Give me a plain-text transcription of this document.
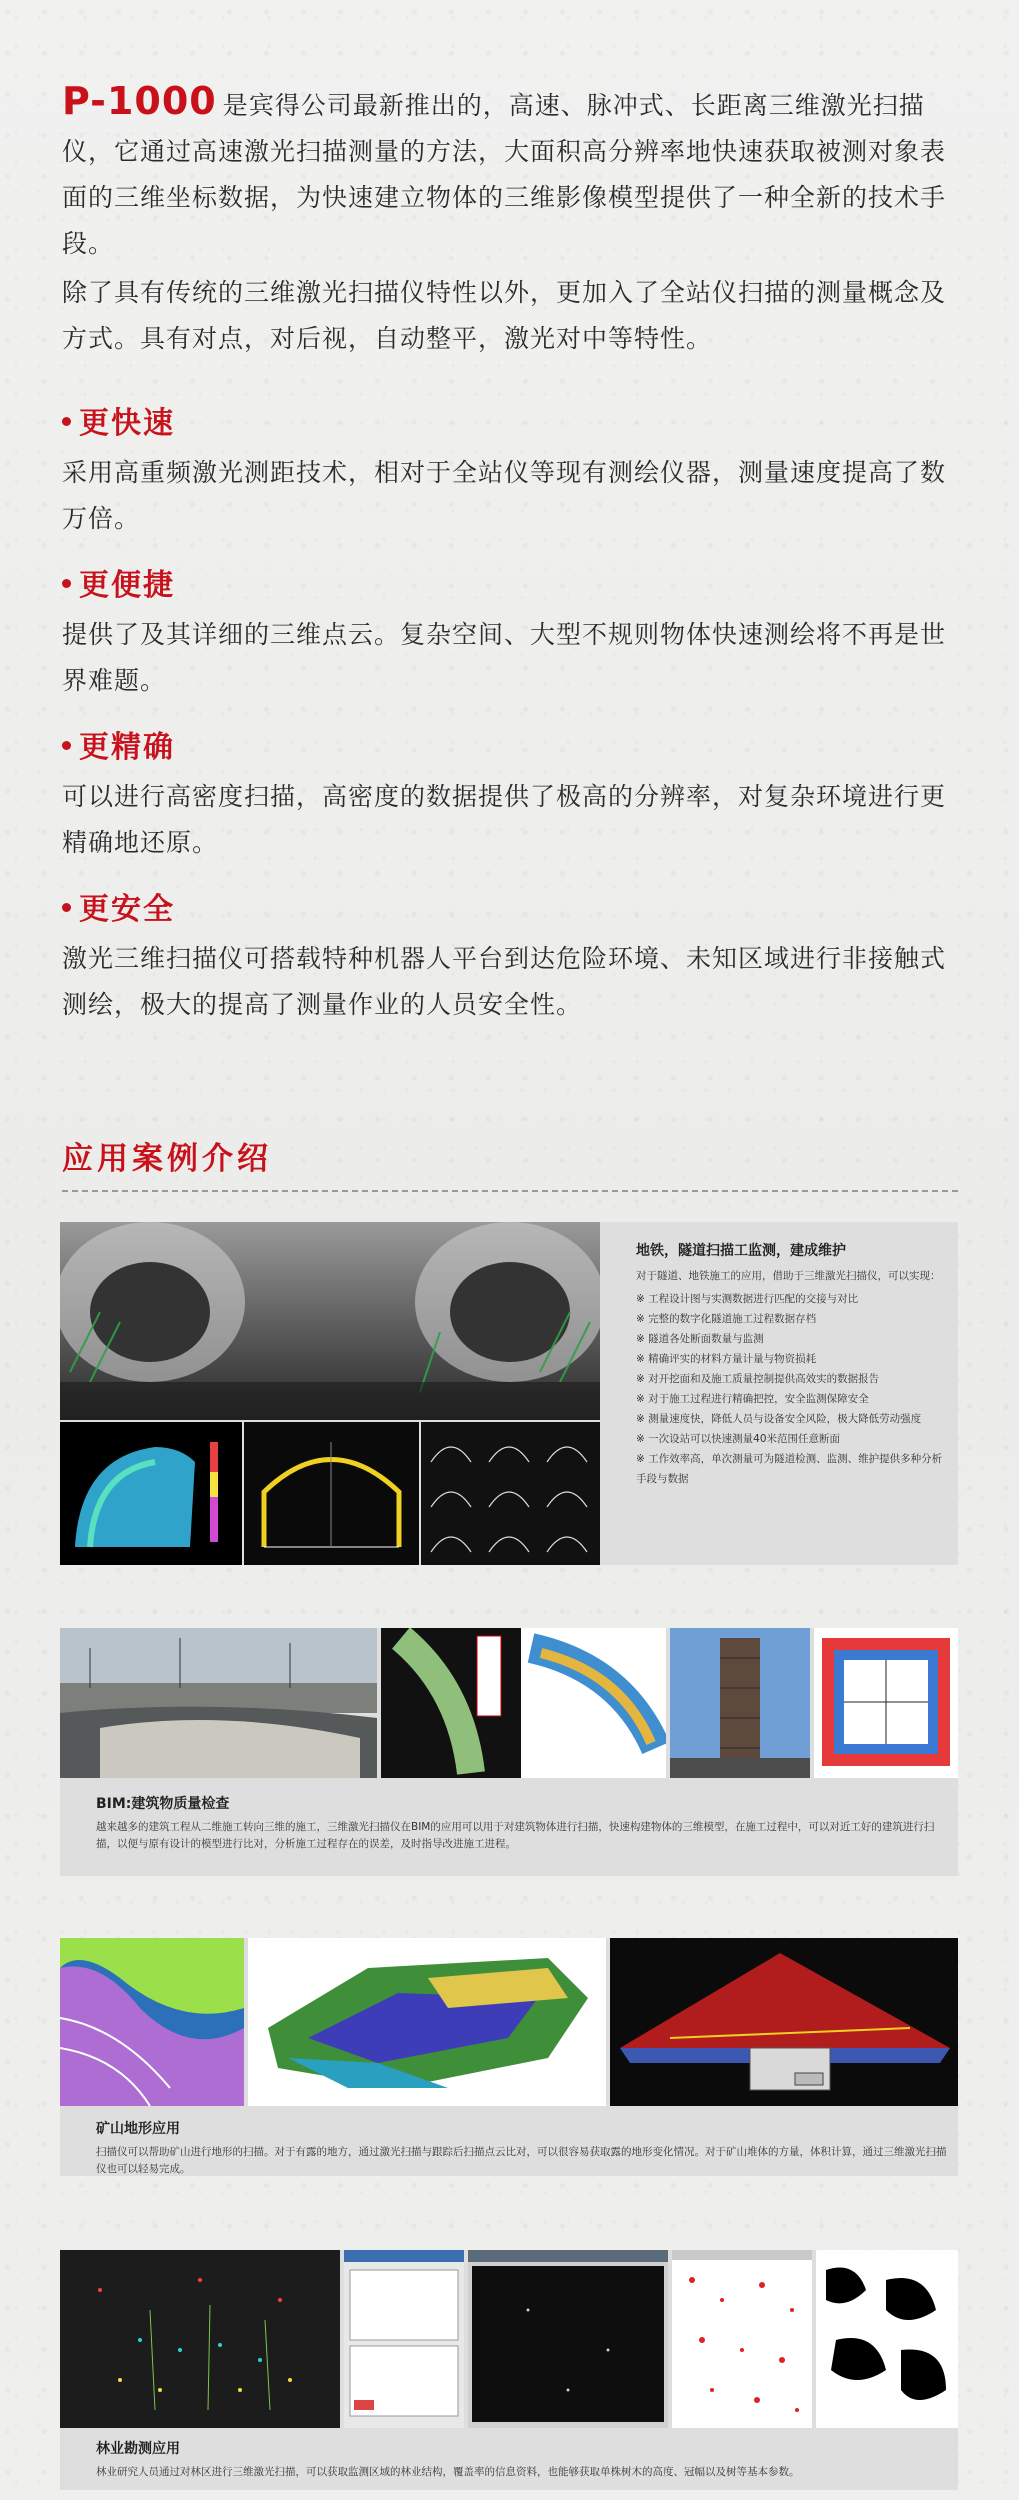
P-1000 是宾得公司最新推出的，高速、脉冲式、长距离三维激光扫描仪，它通过高速激光扫描测量的方法，大面积高分辨率地快速获取被测对象表面的三维坐标数据，为快速建立物体的三维影像模型提供了一种全新的技术手段。
除了具有传统的三维激光扫描仪特性以外，更加入了全站仪扫描的测量概念及方式。具有对点，对后视，自动整平，激光对中等特性。
更快速
采用高重频激光测距技术，相对于全站仪等现有测绘仪器，测量速度提高了数万倍。
更便捷
提供了及其详细的三维点云。复杂空间、大型不规则物体快速测绘将不再是世界难题。
更精确
可以进行高密度扫描，高密度的数据提供了极高的分辨率，对复杂环境进行更精确地还原。
更安全
激光三维扫描仪可搭载特种机器人平台到达危险环境、未知区域进行非接触式测绘，极大的提高了测量作业的人员安全性。
应用案例介绍
地铁，隧道扫描工监测，建成维护
对于隧道、地铁施工的应用，借助于三维激光扫描仪，可以实现：
※ 工程设计图与实测数据进行匹配的交接与对比
※ 完整的数字化隧道施工过程数据存档
※ 隧道各处断面数量与监测
※ 精确评实的材料方量计量与物资损耗
※ 对开挖面和及施工质量控制提供高效实的数据报告
※ 对于施工过程进行精确把控，安全监测保障安全
※ 测量速度快，降低人员与设备安全风险，极大降低劳动强度
※ 一次设站可以快速测量40米范围任意断面
※ 工作效率高，单次测量可为隧道检测、监测、维护提供多种分析手段与数据
BIM:建筑物质量检查
越来越多的建筑工程从二维施工转向三维的施工，三维激光扫描仪在BIM的应用可以用于对建筑物体进行扫描，快速构建物体的三维模型，在施工过程中，可以对近工好的建筑进行扫描，以便与原有设计的模型进行比对，分析施工过程存在的误差，及时指导改进施工进程。
矿山地形应用
扫描仪可以帮助矿山进行地形的扫描。对于有露的地方，通过激光扫描与跟踪后扫描点云比对，可以很容易获取露的地形变化情况。对于矿山堆体的方量，体积计算，通过三维激光扫描仪也可以轻易完成。
林业勘测应用
林业研究人员通过对林区进行三维激光扫描，可以获取监测区域的林业结构，覆盖率的信息资料，也能够获取单株树木的高度、冠幅以及树等基本参数。
